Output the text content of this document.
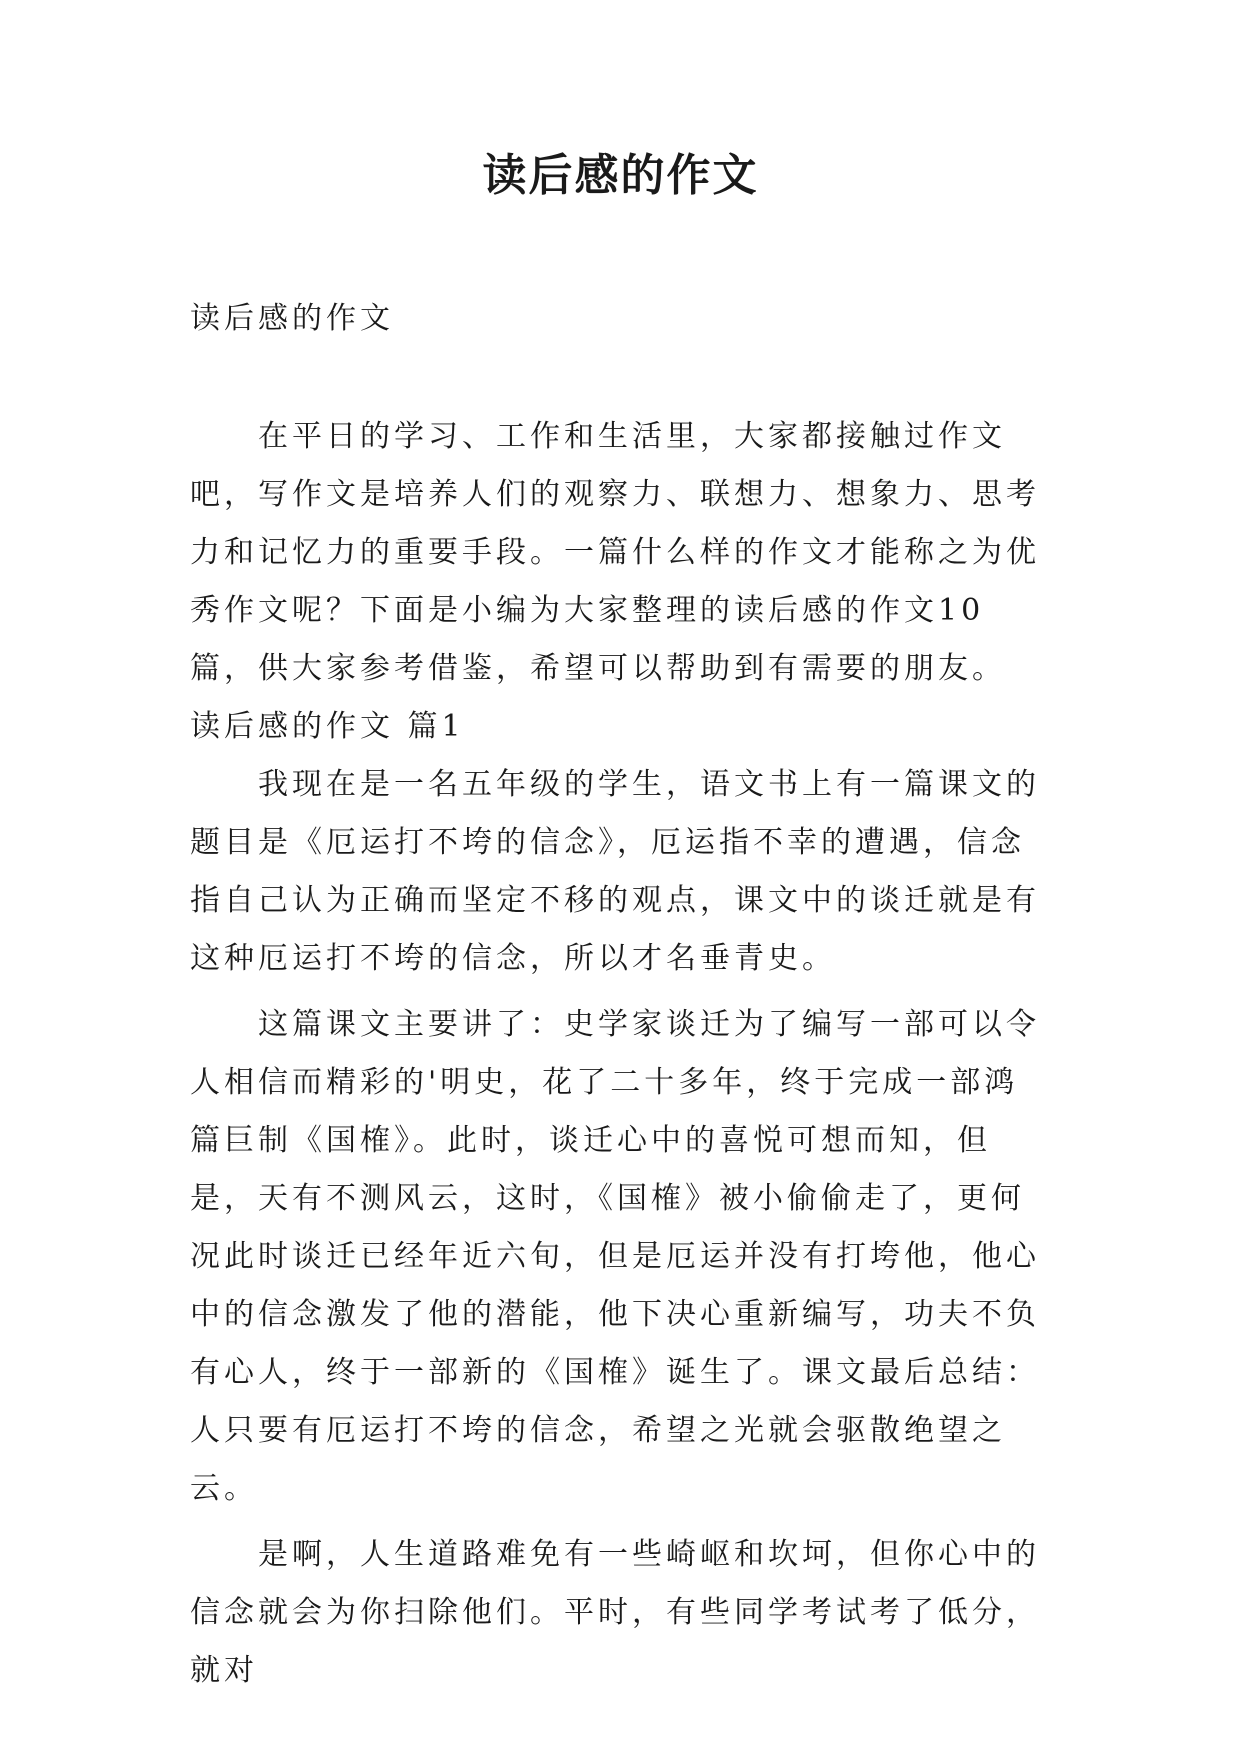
读后感的作文

读后感的作文

在平日的学习、工作和生活里，大家都接触过作文吧，写作文是培养人们的观察力、联想力、想象力、思考力和记忆力的重要手段。一篇什么样的作文才能称之为优秀作文呢？下面是小编为大家整理的读后感的作文10篇，供大家参考借鉴，希望可以帮助到有需要的朋友。

读后感的作文 篇1

我现在是一名五年级的学生，语文书上有一篇课文的题目是《厄运打不垮的信念》，厄运指不幸的遭遇，信念指自己认为正确而坚定不移的观点，课文中的谈迁就是有这种厄运打不垮的信念，所以才名垂青史。

这篇课文主要讲了：史学家谈迁为了编写一部可以令人相信而精彩的'明史，花了二十多年，终于完成一部鸿篇巨制《国榷》。此时，谈迁心中的喜悦可想而知，但是，天有不测风云，这时，《国榷》被小偷偷走了，更何况此时谈迁已经年近六旬，但是厄运并没有打垮他，他心中的信念激发了他的潜能，他下决心重新编写，功夫不负有心人，终于一部新的《国榷》诞生了。课文最后总结：人只要有厄运打不垮的信念，希望之光就会驱散绝望之云。

是啊，人生道路难免有一些崎岖和坎坷，但你心中的信念就会为你扫除他们。平时，有些同学考试考了低分，就对
